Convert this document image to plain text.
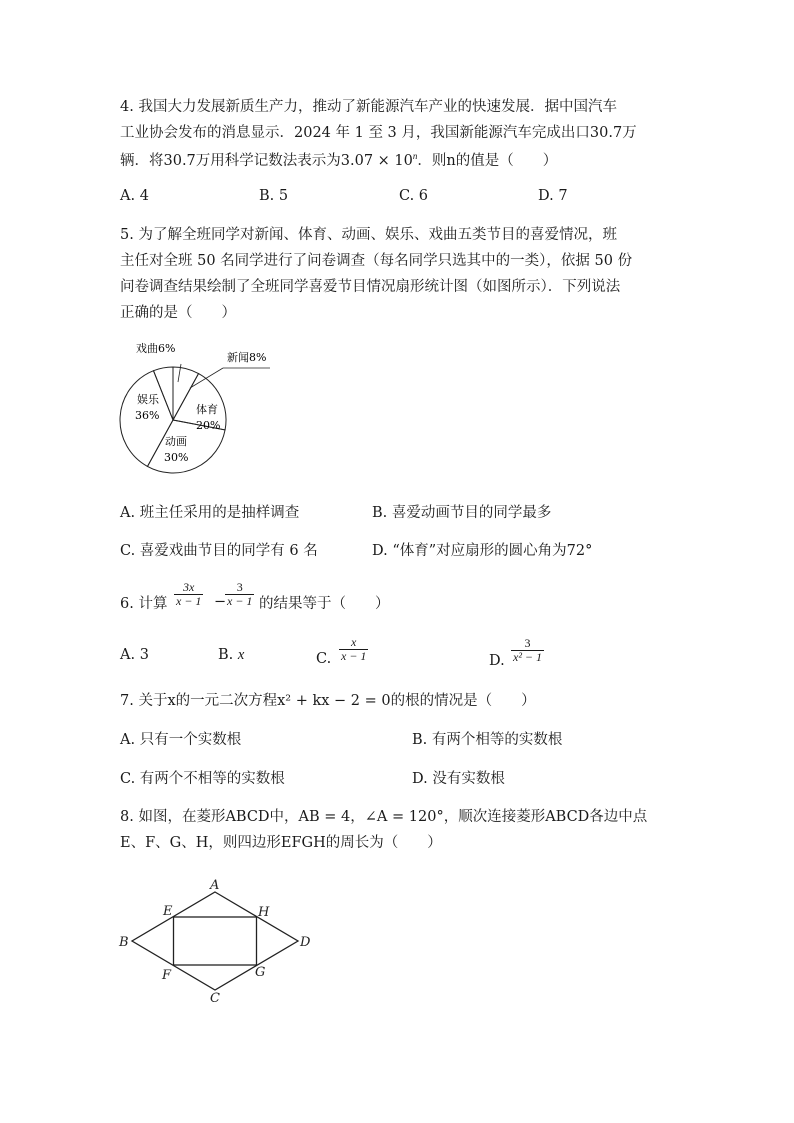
4. 我国大力发展新质生产力，推动了新能源汽车产业的快速发展．据中国汽车
工业协会发布的消息显示．2024 年 1 至 3 月，我国新能源汽车完成出口30.7万
辆．将30.7万用科学记数法表示为$3.07 \times 10^n$．则n的值是（　　）
A. 4	B. 5	C. 6	D. 7
5. 为了解全班同学对新闻、体育、动画、娱乐、戏曲五类节目的喜爱情况，班
主任对全班 50 名同学进行了问卷调查（每名同学只选其中的一类），依据 50 份
问卷调查结果绘制了全班同学喜爱节目情况扇形统计图（如图所示）．下列说法
正确的是（　　）
戏曲6%
新闻8%
娱乐
36%	体育
20%
动画
30%
A. 班主任采用的是抽样调查	B. 喜爱动画节目的同学最多
C. 喜爱戏曲节目的同学有 6 名	D. “体育”对应扇形的圆心角为72°
6. 计算 $\frac{3x}{x - 1}$ −
$\frac{3}{x - 1}$ 的结果等于（　　）
A. 3	B. x	C. $\frac{x}{x - 1}$	D. $\frac{3}{\text{x² − 1}}$
7. 关于x的一元二次方程x² + kx − 2 = 0的根的情况是（　　）
A. 只有一个实数根	B. 有两个相等的实数根
C. 有两个不相等的实数根	D. 没有实数根
8. 如图，在菱形ABCD中，AB = 4，∠A = 120°，顺次连接菱形ABCD各边中点
E、F、G、H，则四边形EFGH的周长为（　　）
A
B
C
D
E
F	G
H
